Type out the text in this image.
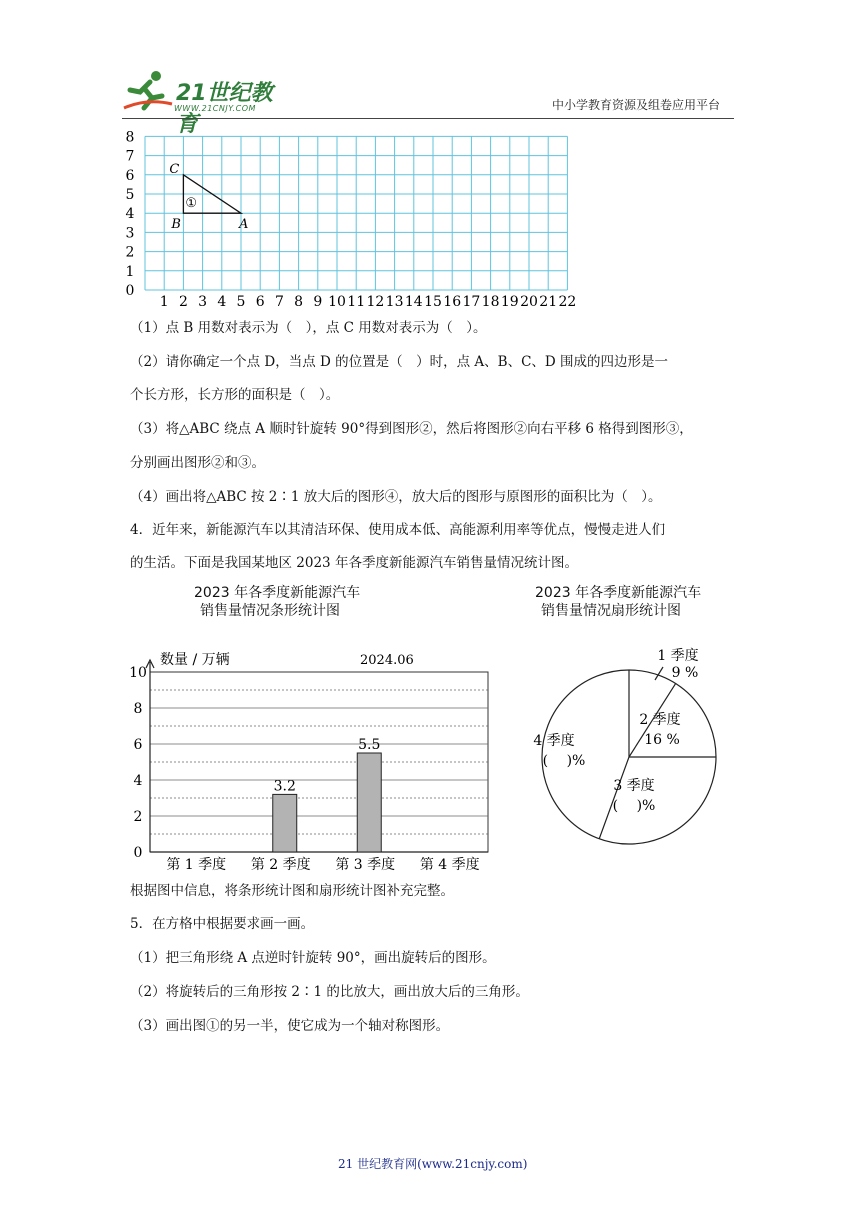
21世纪教育
WWW.21CNJY.COM	中小学教育资源及组卷应用平台
0
1
2
3
4
5
6
7
8
1 2 3 4 5 6 7 8 9 10 11 12 13 14 15 16 17 18 19 20 21 22
A
B
C
①
（1）点 B 用数对表示为（　），点 C 用数对表示为（　）。
（2）请你确定一个点 D，当点 D 的位置是（　）时，点 A、B、C、D 围成的四边形是一
个长方形，长方形的面积是（　）。
（3）将△ABC 绕点 A 顺时针旋转 90°得到图形②，然后将图形②向右平移 6 格得到图形③，
分别画出图形②和③。
（4）画出将△ABC 按 2∶1 放大后的图形④，放大后的图形与原图形的面积比为（　）。
4．近年来，新能源汽车以其清洁环保、使用成本低、高能源利用率等优点，慢慢走进人们
的生活。下面是我国某地区 2023 年各季度新能源汽车销售量情况统计图。
2023 年各季度新能源汽车
销售量情况条形统计图
0
2
4
6
8
10
数量 / 万辆	2024.06
第 1 季度
3.2
第 2 季度
5.5
第 3 季度 第 4 季度
2023 年各季度新能源汽车
销售量情况扇形统计图
1 季度
9 %
2 季度
16 %
3 季度
(　 )%
4 季度
(　 )%
根据图中信息，将条形统计图和扇形统计图补充完整。
5．在方格中根据要求画一画。
（1）把三角形绕 A 点逆时针旋转 90°，画出旋转后的图形。
（2）将旋转后的三角形按 2∶1 的比放大，画出放大后的三角形。
（3）画出图①的另一半，使它成为一个轴对称图形。
21 世纪教育网(www.21cnjy.com)
